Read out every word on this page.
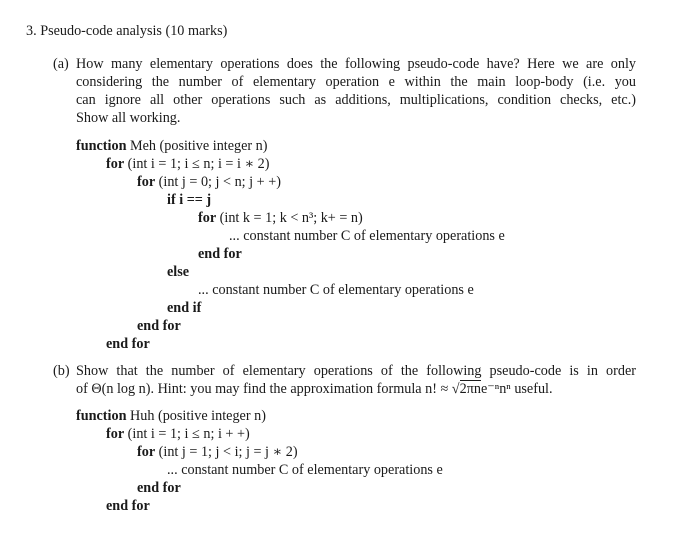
3. Pseudo-code analysis (10 marks)
(a) How many elementary operations does the following pseudo-code have? Here we are only
considering the number of elementary operation e within the main loop-body (i.e. you
can ignore all other operations such as additions, multiplications, condition checks, etc.)
Show all working.
function Meh (positive integer n)
for (int i = 1; i ≤ n; i = i ∗ 2)
for (int j = 0; j < n; j + +)
if i == j
for (int k = 1; k < n³; k+ = n)
... constant number C of elementary operations e
end for
else
... constant number C of elementary operations e
end if
end for
end for
(b) Show that the number of elementary operations of the following pseudo-code is in order
of Θ(n log n). Hint: you may find the approximation formula n! ≈ √2πne⁻ⁿnⁿ useful.
function Huh (positive integer n)
for (int i = 1; i ≤ n; i + +)
for (int j = 1; j < i; j = j ∗ 2)
... constant number C of elementary operations e
end for
end for
